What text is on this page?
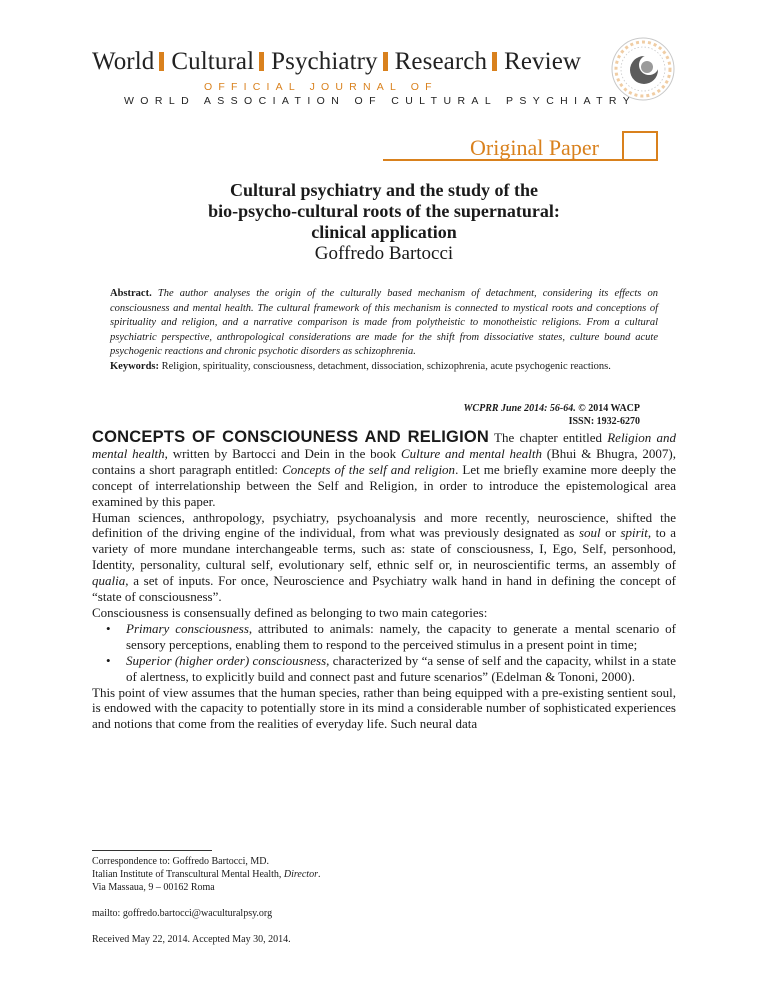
World Cultural Psychiatry Research Review
OFFICIAL JOURNAL OF
WORLD ASSOCIATION OF CULTURAL PSYCHIATRY
Original Paper
Cultural psychiatry and the study of the
bio-psycho-cultural roots of the supernatural:
clinical application
Goffredo Bartocci
Abstract. The author analyses the origin of the culturally based mechanism of detachment, considering its effects on consciousness and mental health. The cultural framework of this mechanism is connected to mystical roots and conceptions of spirituality and religion, and a narrative comparison is made from polytheistic to monotheistic religions. From a cultural psychiatric perspective, anthropological considerations are made for the shift from dissociative states, culture bound acute psychogenic reactions and chronic psychotic disorders as schizophrenia.
Keywords: Religion, spirituality, consciousness, detachment, dissociation, schizophrenia, acute psychogenic reactions.
WCPRR June 2014: 56-64. © 2014 WACP
ISSN: 1932-6270

CONCEPTS OF CONSCIOUNESS AND RELIGION The chapter entitled Religion and mental health, written by Bartocci and Dein in the book Culture and mental health (Bhui & Bhugra, 2007), contains a short paragraph entitled: Concepts of the self and religion. Let me briefly examine more deeply the concept of interrelationship between the Self and Religion, in order to introduce the epistemological area examined by this paper.

Human sciences, anthropology, psychiatry, psychoanalysis and more recently, neuroscience, shifted the definition of the driving engine of the individual, from what was previously designated as soul or spirit, to a variety of more mundane interchangeable terms, such as: state of consciousness, I, Ego, Self, personhood, Identity, personality, cultural self, evolutionary self, ethnic self or, in neuroscientific terms, an assembly of qualia, a set of inputs. For once, Neuroscience and Psychiatry walk hand in hand in defining the concept of “state of consciousness”.

Consciousness is consensually defined as belonging to two main categories:

• Primary consciousness, attributed to animals: namely, the capacity to generate a mental scenario of sensory perceptions, enabling them to respond to the perceived stimulus in a present point in time;
• Superior (higher order) consciousness, characterized by “a sense of self and the capacity, whilst in a state of alertness, to explicitly build and connect past and future scenarios” (Edelman & Tononi, 2000).

This point of view assumes that the human species, rather than being equipped with a pre-existing sentient soul, is endowed with the capacity to potentially store in its mind a considerable number of sophisticated experiences and notions that come from the realities of everyday life. Such neural data

Correspondence to: Goffredo Bartocci, MD.

Italian Institute of Transcultural Mental Health, Director.

Via Massaua, 9 – 00162 Roma

mailto: goffredo.bartocci@waculturalpsy.org

Received May 22, 2014. Accepted May 30, 2014.
